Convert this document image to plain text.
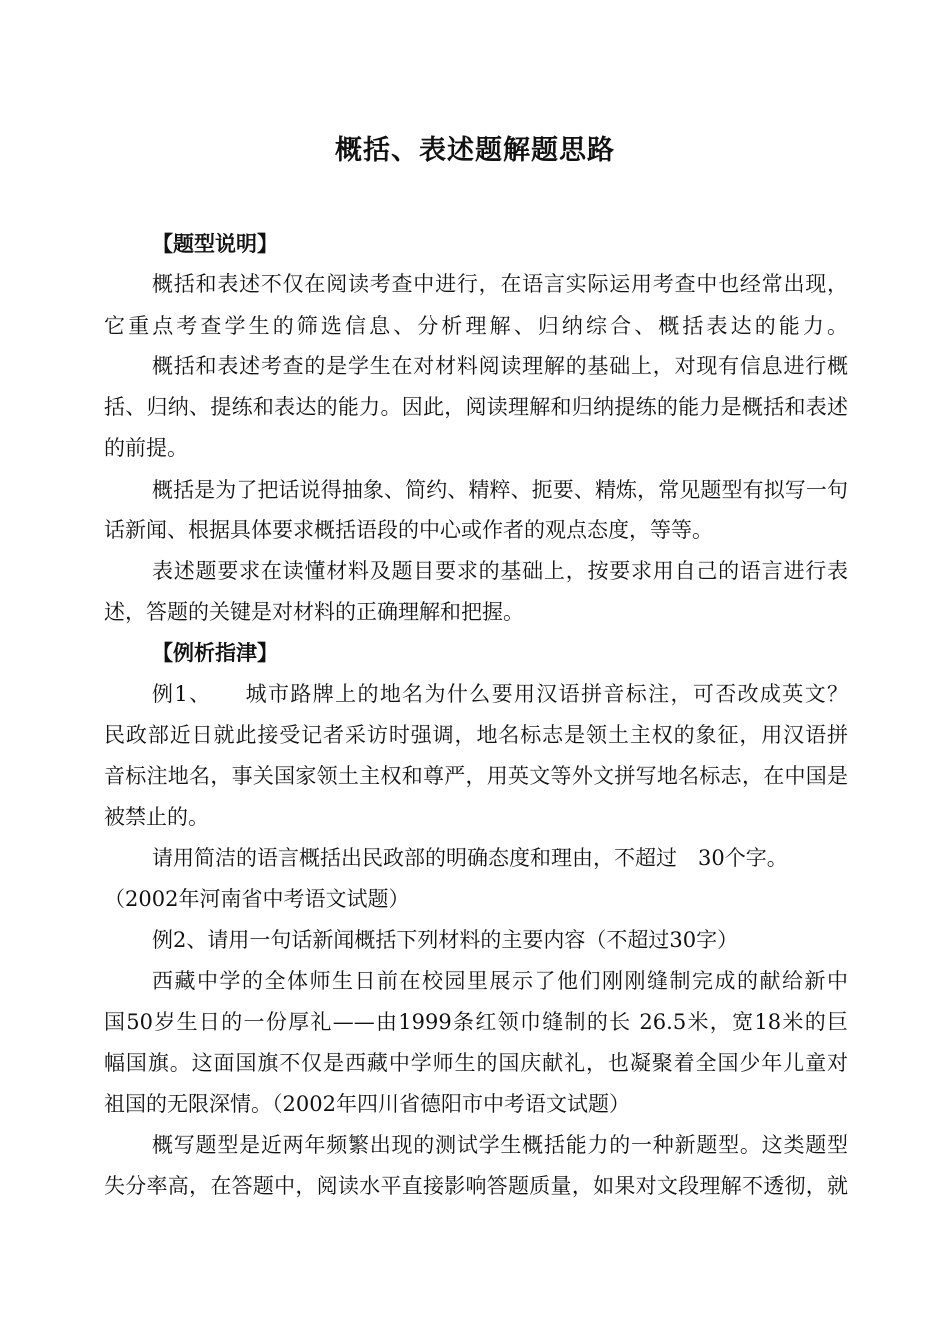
概括、表述题解题思路
【题型说明】
概括和表述不仅在阅读考查中进行，在语言实际运用考查中也经常出现，
它重点考查学生的筛选信息、分析理解、归纳综合、概括表达的能力。
概括和表述考查的是学生在对材料阅读理解的基础上，对现有信息进行概
括、归纳、提练和表达的能力。因此，阅读理解和归纳提练的能力是概括和表述
的前提。
概括是为了把话说得抽象、简约、精粹、扼要、精炼，常见题型有拟写一句
话新闻、根据具体要求概括语段的中心或作者的观点态度，等等。
表述题要求在读懂材料及题目要求的基础上，按要求用自己的语言进行表
述，答题的关键是对材料的正确理解和把握。
【例析指津】
例1、　　城市路牌上的地名为什么要用汉语拼音标注，可否改成英文？
民政部近日就此接受记者采访时强调，地名标志是领土主权的象征，用汉语拼
音标注地名，事关国家领土主权和尊严，用英文等外文拼写地名标志，在中国是
被禁止的。
请用简洁的语言概括出民政部的明确态度和理由，不超过　30个字。
（2002年河南省中考语文试题）
例2、请用一句话新闻概括下列材料的主要内容（不超过30字）
西藏中学的全体师生日前在校园里展示了他们刚刚缝制完成的献给新中
国50岁生日的一份厚礼——由1999条红领巾缝制的长 26.5米，宽18米的巨
幅国旗。这面国旗不仅是西藏中学师生的国庆献礼，也凝聚着全国少年儿童对
祖国的无限深情。（2002年四川省德阳市中考语文试题）
概写题型是近两年频繁出现的测试学生概括能力的一种新题型。这类题型
失分率高，在答题中，阅读水平直接影响答题质量，如果对文段理解不透彻，就
